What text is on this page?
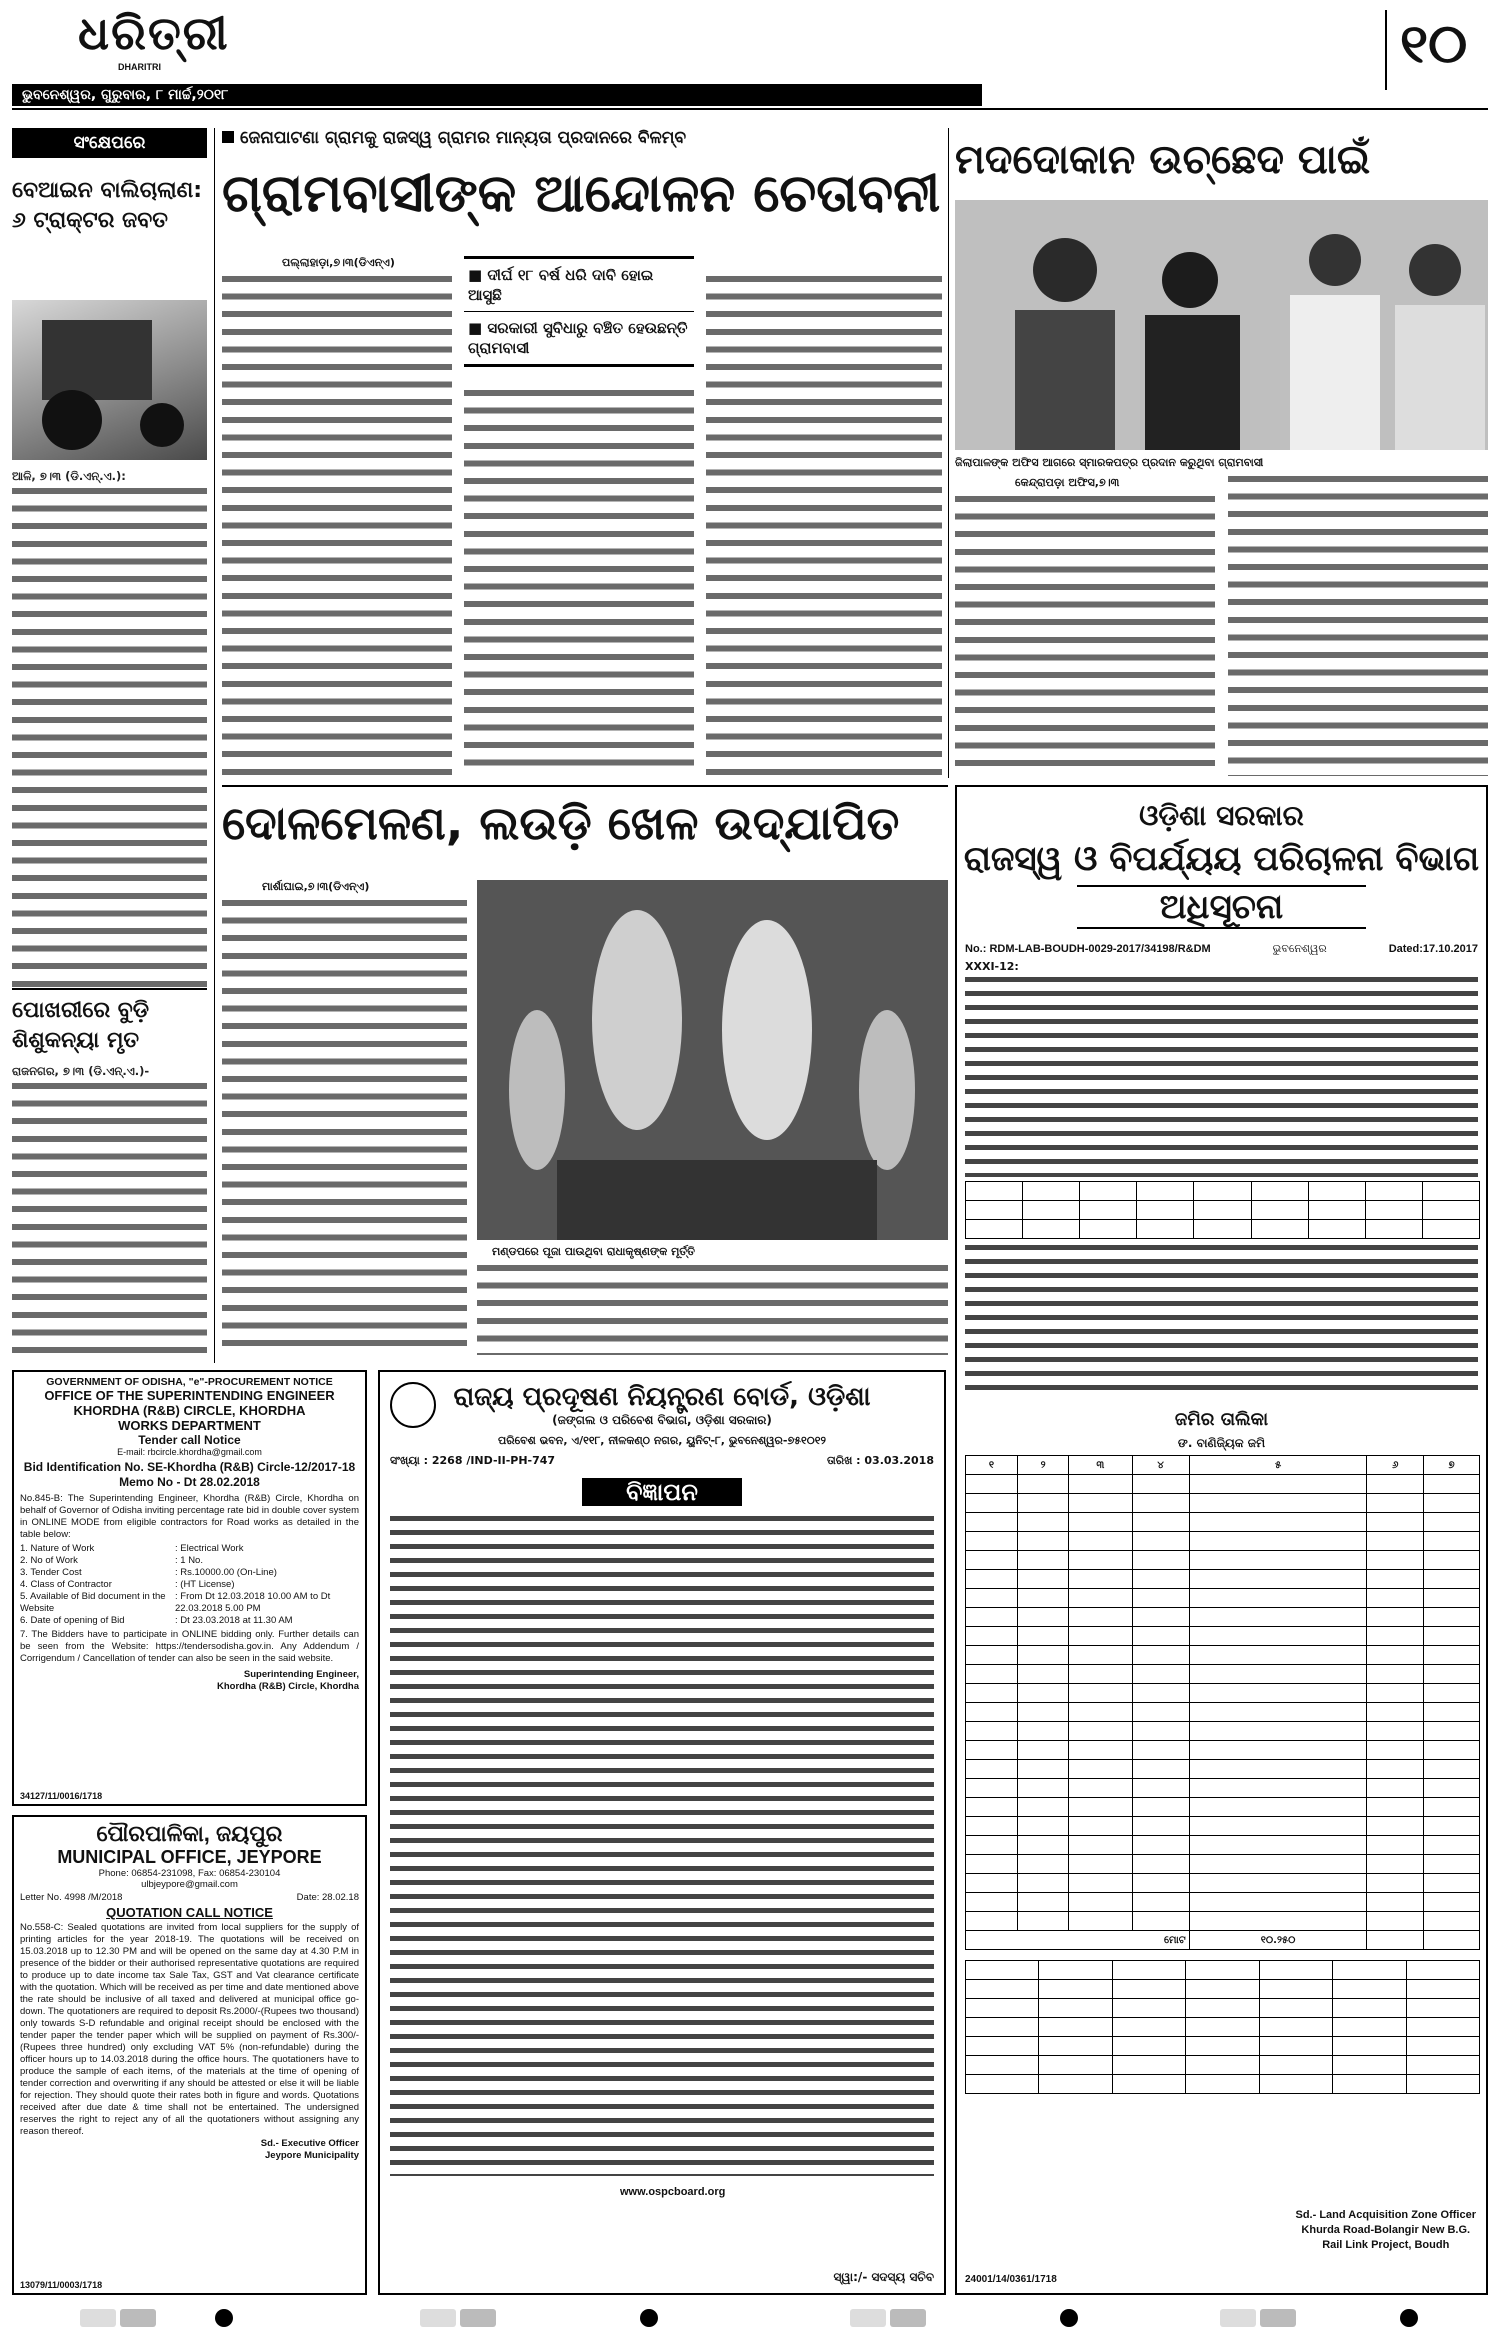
ଧରିତ୍ରୀ
DHARITRI
ଭୁବନେଶ୍ୱର, ଗୁରୁବାର, ୮ ମାର୍ଚ୍ଚ,୨୦୧୮
୧୦
ସଂକ୍ଷେପରେ
ବେଆଇନ ବାଲିଚାଲାଣ: ୬ ଟ୍ରାକ୍ଟର ଜବତ
ଆଳି, ୭।୩ (ଡି.ଏନ୍.ଏ.):
ପୋଖରୀରେ ବୁଡ଼ି ଶିଶୁକନ୍ୟା ମୃତ
ରାଜନଗର, ୭।୩ (ଡି.ଏନ୍.ଏ.)-
ଜେନାପାଟଣା ଗ୍ରାମକୁ ରାଜସ୍ୱ ଗ୍ରାମର ମାନ୍ୟତା ପ୍ରଦାନରେ ବିଳମ୍ବ
ଗ୍ରାମବାସୀଙ୍କ ଆନ୍ଦୋଳନ ଚେତାବନୀ
ପଲ୍ଲାହାଡ଼ା,୭।୩(ଡିଏନ୍‌ଏ)
■ ଦୀର୍ଘ ୧୮ ବର୍ଷ ଧରି ଦାବି ହୋଇ ଆସୁଛି
■ ସରକାରୀ ସୁବିଧାରୁ ବଞ୍ଚିତ ହେଉଛନ୍ତି ଗ୍ରାମବାସୀ
ମଦଦୋକାନ ଉଚ୍ଛେଦ ପାଇଁ
ଜିଲାପାଳଙ୍କ ଅଫିସ ଆଗରେ ସ୍ମାରକପତ୍ର ପ୍ରଦାନ କରୁଥିବା ଗ୍ରାମବାସୀ
କେନ୍ଦ୍ରାପଡ଼ା ଅଫିସ,୭।୩
ଦୋଳମେଳଣ, ଲଉଡ଼ି ଖେଳ ଉଦ୍‌ଯାପିତ
ମାର୍ଶାଘାଇ,୭।୩(ଡିଏନ୍‌ଏ)
ମଣ୍ଡପରେ ପୂଜା ପାଉଥିବା ରାଧାକୃଷ୍ଣଙ୍କ ମୂର୍ତ୍ତି
ଓଡ଼ିଶା ସରକାର
ରାଜସ୍ୱ ଓ ବିପର୍ଯ୍ୟୟ ପରିଚାଳନା ବିଭାଗ
ଅଧିସୂଚନା
No.: RDM-LAB-BOUDH-0029-2017/34198/R&DM	ଭୁବନେଶ୍ୱର	Dated:17.10.2017
XXXI-12:

ଜମିର ତାଲିକା
ଙ. ବାଣିଜ୍ୟିକ ଜମି
୧	୨	୩	୪	୫	୬	୭

ମୋଟ				୧୦.୨୫୦		

Sd.- Land Acquisition Zone Officer
Khurda Road-Bolangir New B.G.
Rail Link Project, Boudh
24001/14/0361/1718
GOVERNMENT OF ODISHA, "e"-PROCUREMENT NOTICE
OFFICE OF THE SUPERINTENDING ENGINEER
KHORDHA (R&B) CIRCLE, KHORDHA
WORKS DEPARTMENT
Tender call Notice
E-mail: rbcircle.khordha@gmail.com
Bid Identification No. SE-Khordha (R&B) Circle-12/2017-18 Memo No - Dt 28.02.2018
No.845-B: The Superintending Engineer, Khordha (R&B) Circle, Khordha on behalf of Governor of Odisha inviting percentage rate bid in double cover system in ONLINE MODE from eligible contractors for Road works as detailed in the table below:
1. Nature of Work	: Electrical Work
2. No of Work	: 1 No.
3. Tender Cost	: Rs.10000.00 (On-Line)
4. Class of Contractor	: (HT License)
5. Available of Bid document in the Website
: From Dt 12.03.2018 10.00 AM to Dt 22.03.2018 5.00 PM
6. Date of opening of Bid	: Dt 23.03.2018 at 11.30 AM
7. The Bidders have to participate in ONLINE bidding only. Further details can be seen from the Website: https://tendersodisha.gov.in. Any Addendum / Corrigendum / Cancellation of tender can also be seen in the said website.
Superintending Engineer,
Khordha (R&B) Circle, Khordha
34127/11/0016/1718
ପୌରପାଳିକା, ଜୟପୁର
MUNICIPAL OFFICE, JEYPORE
Phone: 06854-231098, Fax: 06854-230104
ulbjeypore@gmail.com
Letter No. 4998 /M/2018	Date: 28.02.18
QUOTATION CALL NOTICE
No.558-C: Sealed quotations are invited from local suppliers for the supply of printing articles for the year 2018-19. The quotations will be received on 15.03.2018 up to 12.30 PM and will be opened on the same day at 4.30 P.M in presence of the bidder or their authorised representative quotations are required to produce up to date income tax Sale Tax, GST and Vat clearance certificate with the quotation. Which will be received as per time and date mentioned above the rate should be inclusive of all taxed and delivered at municipal office go-down. The quotationers are required to deposit Rs.2000/-(Rupees two thousand) only towards S-D refundable and original receipt should be enclosed with the tender paper the tender paper which will be supplied on payment of Rs.300/-(Rupees three hundred) only excluding VAT 5% (non-refundable) during the officer hours up to 14.03.2018 during the office hours. The quotationers have to produce the sample of each items, of the materials at the time of opening of tender correction and overwriting if any should be attested or else it will be liable for rejection. They should quote their rates both in figure and words. Quotations received after due date & time shall not be entertained. The undersigned reserves the right to reject any of all the quotationers without assigning any reason thereof.
Sd.- Executive Officer
Jeypore Municipality
13079/11/0003/1718
ରାଜ୍ୟ ପ୍ରଦୂଷଣ ନିୟନ୍ତ୍ରଣ ବୋର୍ଡ, ଓଡ଼ିଶା
(ଜଙ୍ଗଲ ଓ ପରିବେଶ ବିଭାଗ, ଓଡ଼ିଶା ସରକାର)
ପରିବେଶ ଭବନ, ଏ/୧୧୮, ନୀଳକଣ୍ଠ ନଗର, ୟୁନିଟ୍-୮, ଭୁବନେଶ୍ୱର-୭୫୧୦୧୨
ସଂଖ୍ୟା : 2268 /IND-II-PH-747	ତାରିଖ : 03.03.2018
ବିଜ୍ଞାପନ
www.ospcboard.org
ସ୍ୱା:/- ସଦସ୍ୟ ସଚିବ
